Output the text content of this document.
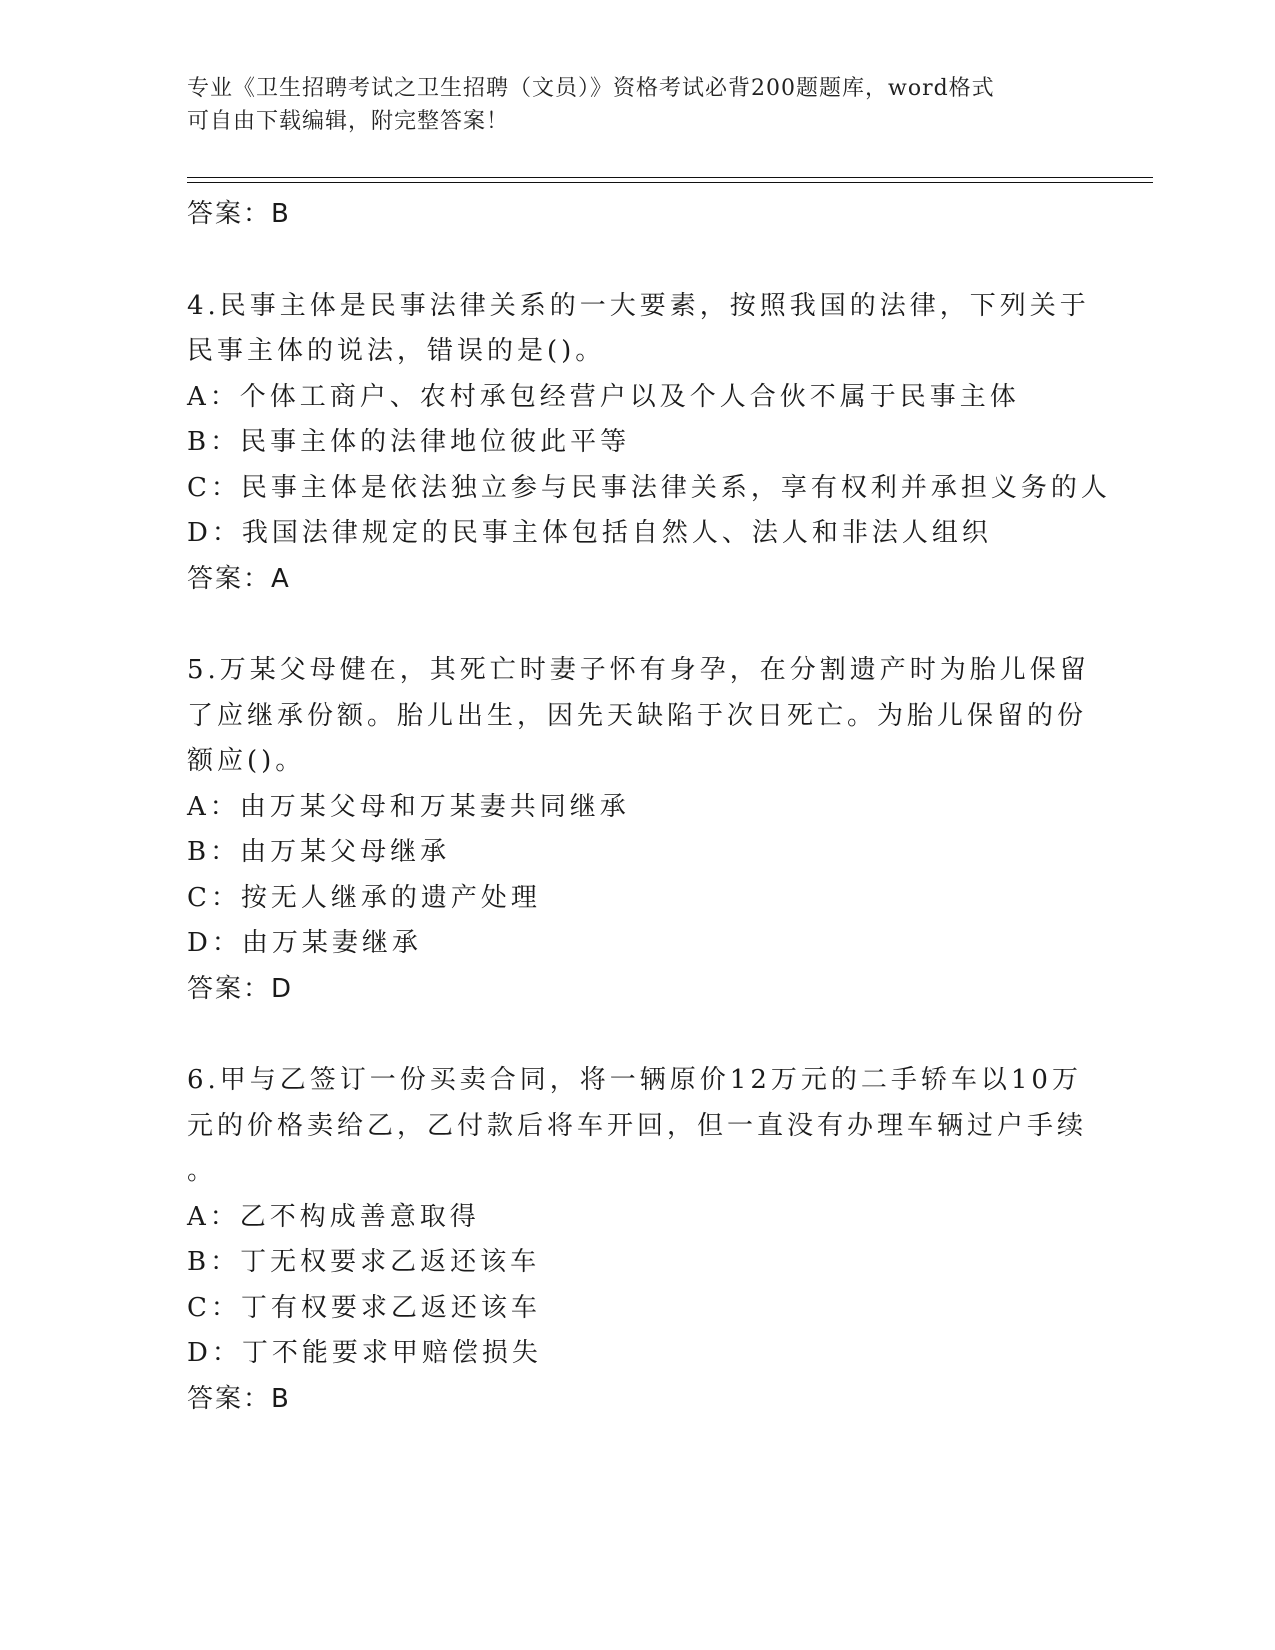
专业《卫生招聘考试之卫生招聘（文员）》资格考试必背200题题库，word格式
可自由下载编辑，附完整答案！
答案：B
4.民事主体是民事法律关系的一大要素，按照我国的法律，下列关于
民事主体的说法，错误的是()。
A：个体工商户、农村承包经营户以及个人合伙不属于民事主体
B：民事主体的法律地位彼此平等
C：民事主体是依法独立参与民事法律关系，享有权利并承担义务的人
D：我国法律规定的民事主体包括自然人、法人和非法人组织
答案：A
5.万某父母健在，其死亡时妻子怀有身孕，在分割遗产时为胎儿保留
了应继承份额。胎儿出生，因先天缺陷于次日死亡。为胎儿保留的份
额应()。
A：由万某父母和万某妻共同继承
B：由万某父母继承
C：按无人继承的遗产处理
D：由万某妻继承
答案：D
6.甲与乙签订一份买卖合同，将一辆原价12万元的二手轿车以10万
元的价格卖给乙，乙付款后将车开回，但一直没有办理车辆过户手续
。
A：乙不构成善意取得
B：丁无权要求乙返还该车
C：丁有权要求乙返还该车
D：丁不能要求甲赔偿损失
答案：B
